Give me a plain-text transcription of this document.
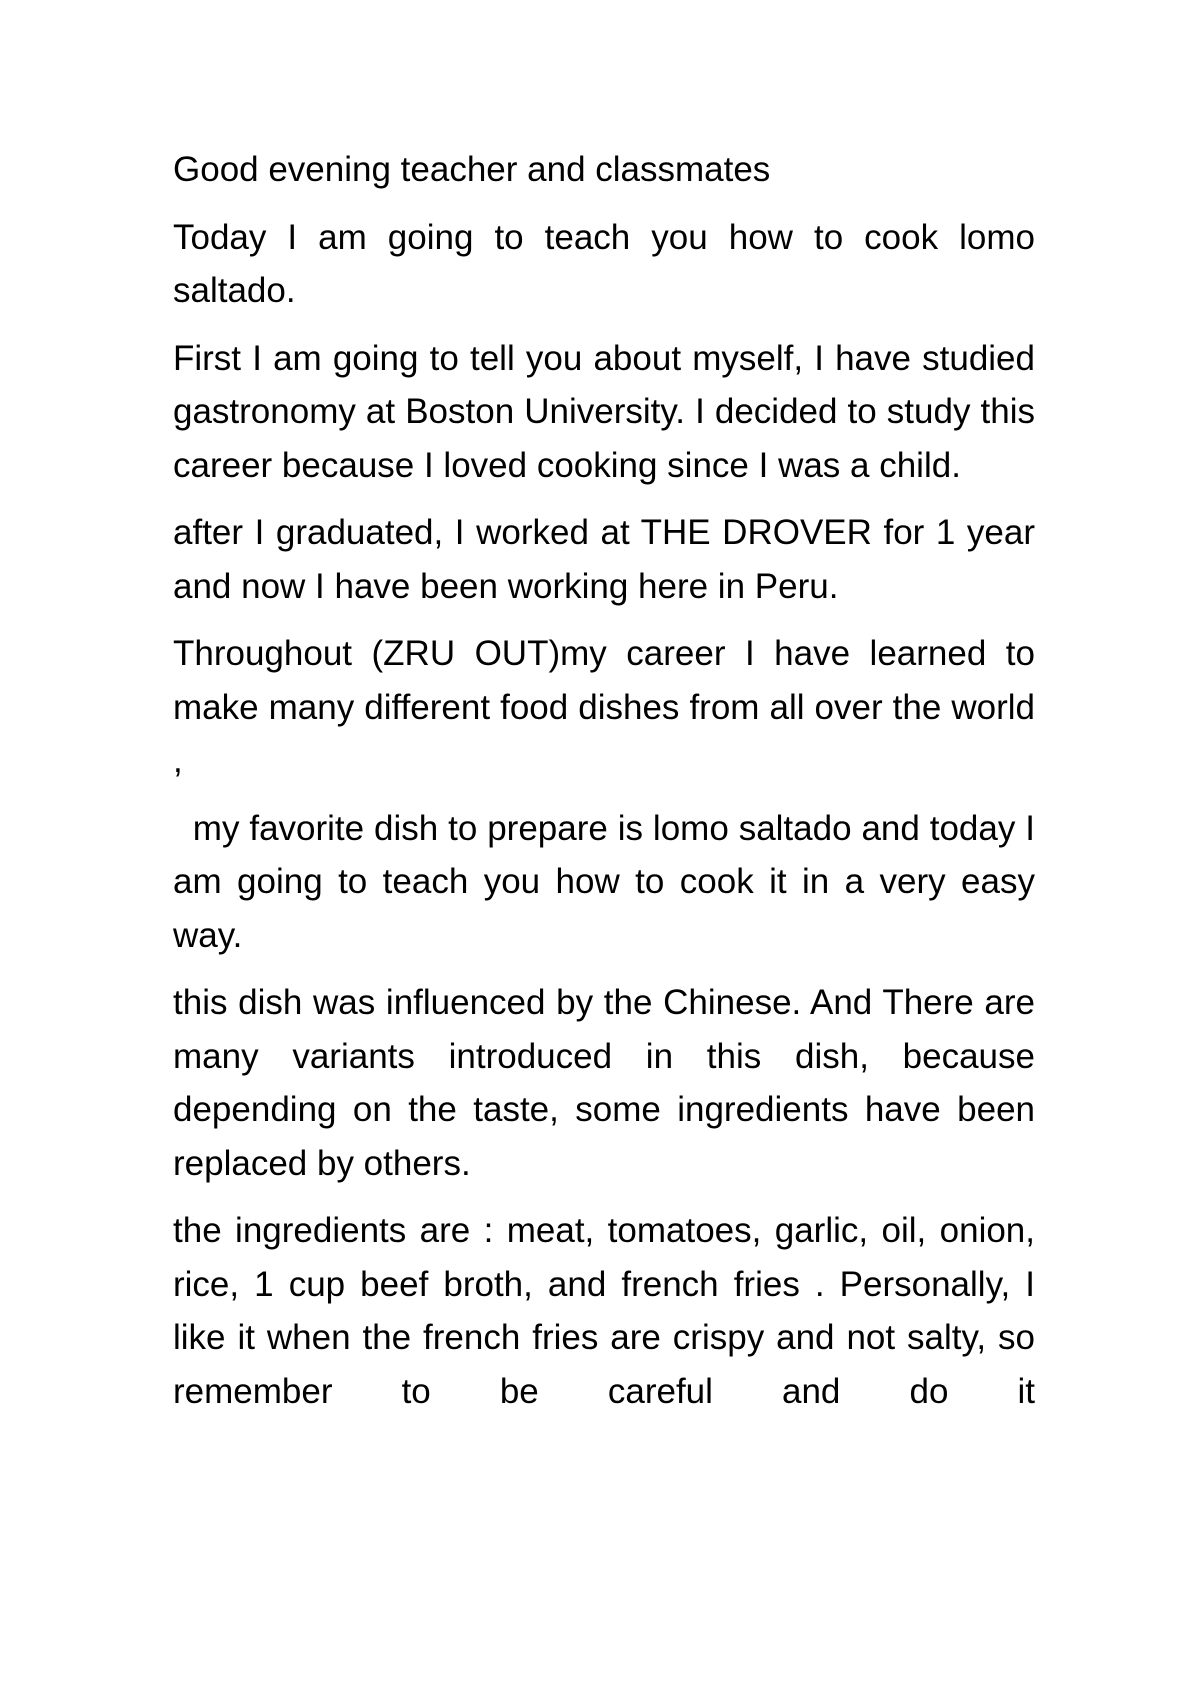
Good evening teacher and classmates

Today I am going to teach you how to cook lomo saltado.

First I am going to tell you about myself, I have studied gastronomy at Boston University. I decided to study this career because I loved cooking since I was a child.

after I graduated, I worked at THE DROVER for 1 year and now I have been working here in Peru.

Throughout (ZRU OUT)my career I have learned to make many different food dishes from all over the world ,

my favorite dish to prepare is lomo saltado and today I am going to teach you how to cook it in a very easy way.

this dish was influenced by the Chinese. And There are many variants introduced in this dish, because depending on the taste, some ingredients have been replaced by others.

the ingredients are : meat, tomatoes, garlic, oil, onion, rice, 1 cup beef broth, and french fries . Personally, I like it when the french fries are crispy and not salty, so remember to be careful and do it
